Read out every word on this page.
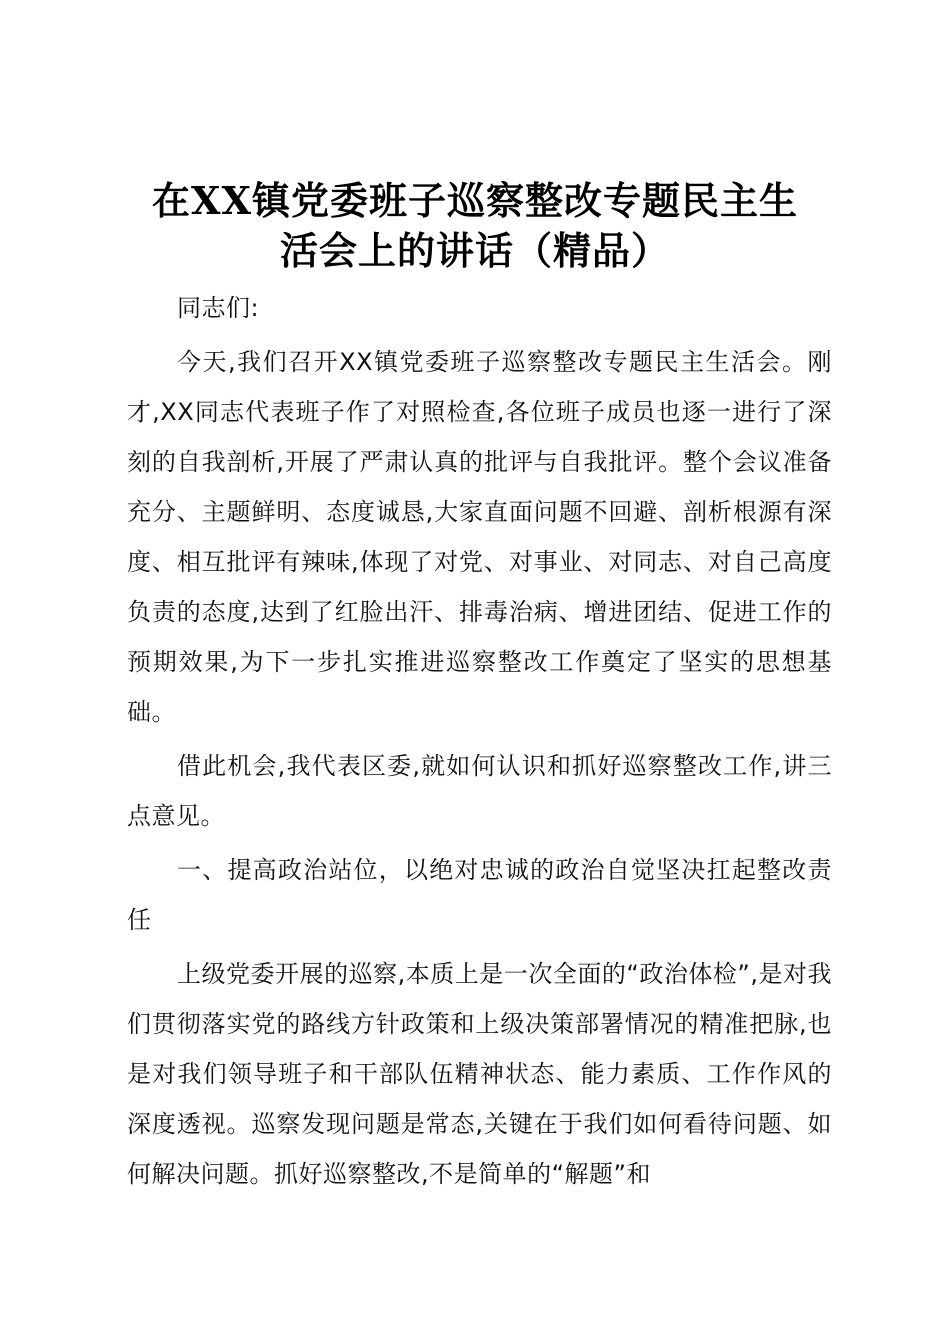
在XX镇党委班子巡察整改专题民主生
活会上的讲话（精品）

同志们:

今天,我们召开XX镇党委班子巡察整改专题民主生活会。刚才,XX同志代表班子作了对照检查,各位班子成员也逐一进行了深刻的自我剖析,开展了严肃认真的批评与自我批评。整个会议准备充分、主题鲜明、态度诚恳,大家直面问题不回避、剖析根源有深度、相互批评有辣味,体现了对党、对事业、对同志、对自己高度负责的态度,达到了红脸出汗、排毒治病、增进团结、促进工作的预期效果,为下一步扎实推进巡察整改工作奠定了坚实的思想基础。

借此机会,我代表区委,就如何认识和抓好巡察整改工作,讲三点意见。

一、提高政治站位，以绝对忠诚的政治自觉坚决扛起整改责任

上级党委开展的巡察,本质上是一次全面的“政治体检”,是对我们贯彻落实党的路线方针政策和上级决策部署情况的精准把脉,也是对我们领导班子和干部队伍精神状态、能力素质、工作作风的深度透视。巡察发现问题是常态,关键在于我们如何看待问题、如何解决问题。抓好巡察整改,不是简单的“解题”和
